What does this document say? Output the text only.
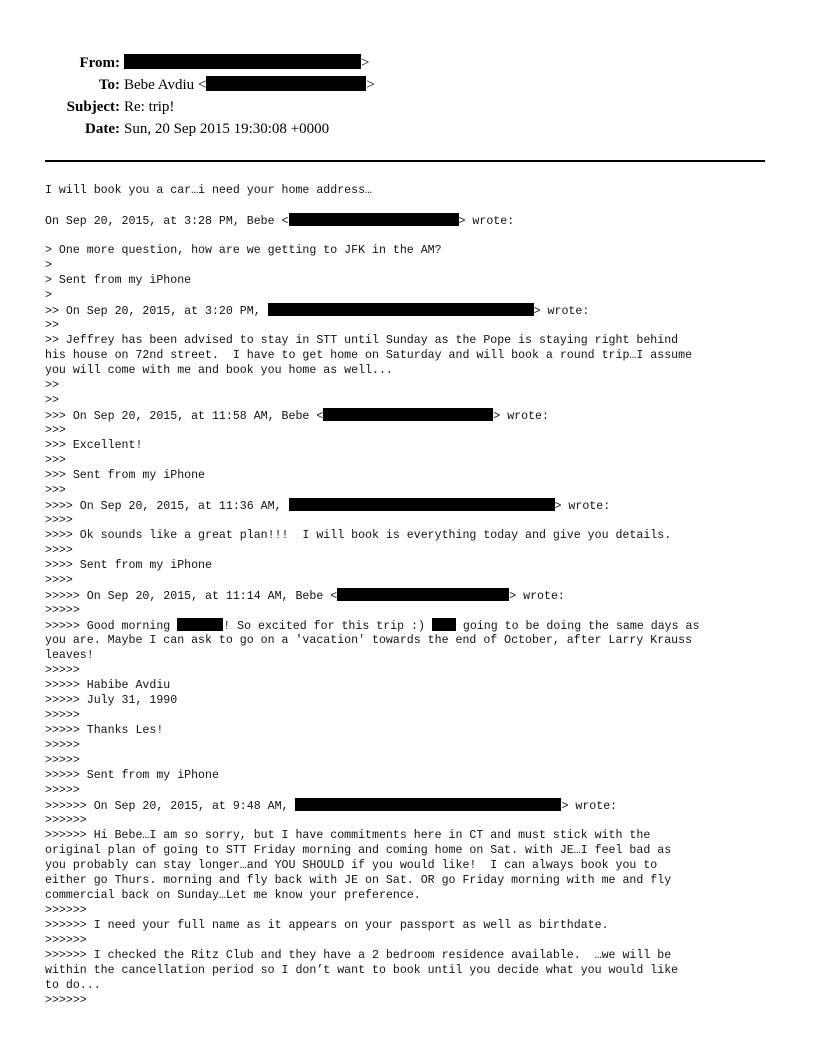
From:	>
To: Bebe Avdiu <	>
Subject: Re: trip!
Date: Sun, 20 Sep 2015 19:30:08 +0000
I will book you a car…i need your home address…
On Sep 20, 2015, at 3:28 PM, Bebe <	> wrote:
> One more question, how are we getting to JFK in the AM?
>
> Sent from my iPhone
>
>> On Sep 20, 2015, at 3:20 PM,	> wrote:
>>
>> Jeffrey has been advised to stay in STT until Sunday as the Pope is staying right behind
his house on 72nd street.  I have to get home on Saturday and will book a round trip…I assume
you will come with me and book you home as well...
>>
>>
>>> On Sep 20, 2015, at 11:58 AM, Bebe <	> wrote:
>>>
>>> Excellent!
>>>
>>> Sent from my iPhone
>>>
>>>> On Sep 20, 2015, at 11:36 AM,	> wrote:
>>>>
>>>> Ok sounds like a great plan!!!  I will book is everything today and give you details.
>>>>
>>>> Sent from my iPhone
>>>>
>>>>> On Sep 20, 2015, at 11:14 AM, Bebe <	> wrote:
>>>>>
>>>>> Good morning	! So excited for this trip :)  going to be doing the same days as
you are. Maybe I can ask to go on a 'vacation' towards the end of October, after Larry Krauss
leaves!
>>>>>
>>>>> Habibe Avdiu
>>>>> July 31, 1990
>>>>>
>>>>> Thanks Les!
>>>>>
>>>>>
>>>>> Sent from my iPhone
>>>>>
>>>>>> On Sep 20, 2015, at 9:48 AM,	> wrote:
>>>>>>
>>>>>> Hi Bebe…I am so sorry, but I have commitments here in CT and must stick with the
original plan of going to STT Friday morning and coming home on Sat. with JE…I feel bad as
you probably can stay longer…and YOU SHOULD if you would like!  I can always book you to
either go Thurs. morning and fly back with JE on Sat. OR go Friday morning with me and fly
commercial back on Sunday…Let me know your preference.
>>>>>>
>>>>>> I need your full name as it appears on your passport as well as birthdate.
>>>>>>
>>>>>> I checked the Ritz Club and they have a 2 bedroom residence available.  …we will be
within the cancellation period so I don’t want to book until you decide what you would like
to do...
>>>>>>
